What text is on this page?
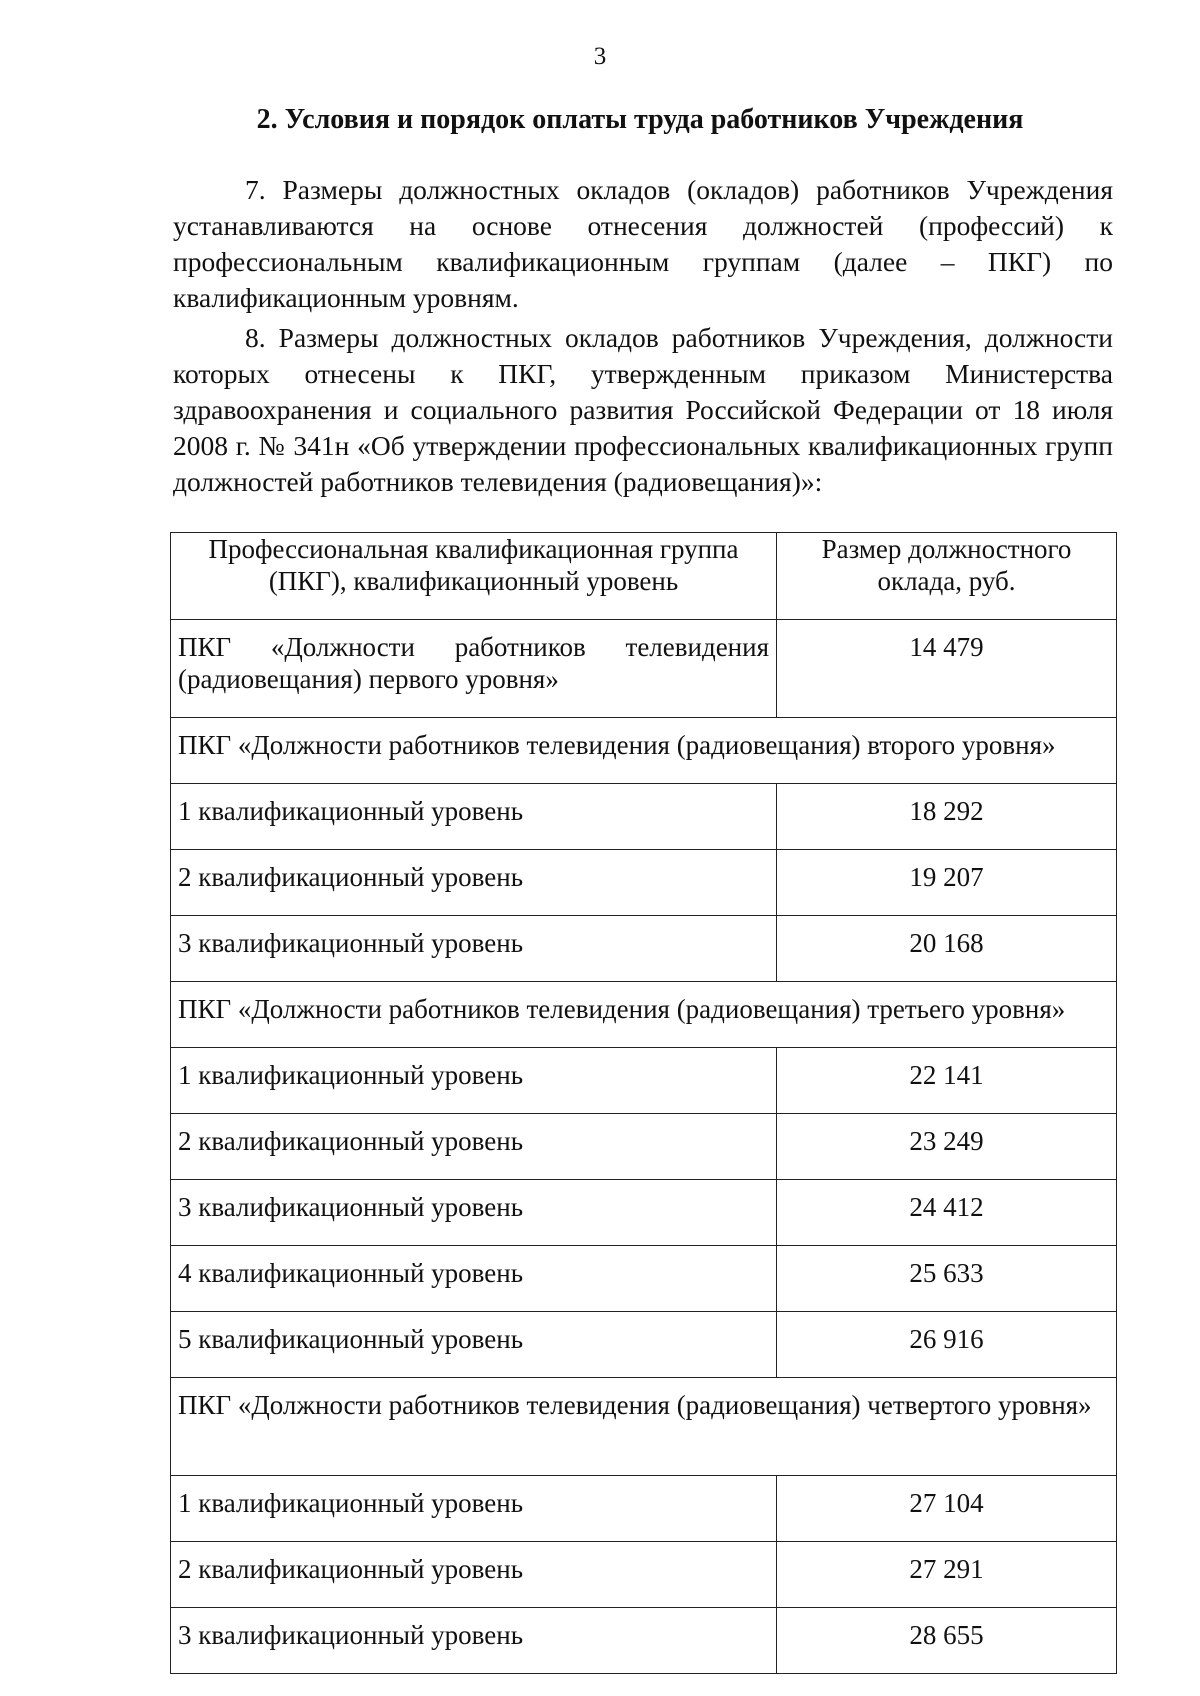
3
2. Условия и порядок оплаты труда работников Учреждения
7. Размеры должностных окладов (окладов) работников Учреждения устанавливаются на основе отнесения должностей (профессий) к профессиональным квалификационным группам (далее – ПКГ) по квалификационным уровням.
8. Размеры должностных окладов работников Учреждения, должности которых отнесены к ПКГ, утвержденным приказом Министерства здравоохранения и социального развития Российской Федерации от 18 июля 2008 г. № 341н «Об утверждении профессиональных квалификационных групп должностей работников телевидения (радиовещания)»:
Профессиональная квалификационная группа (ПКГ), квалификационный уровень	Размер должностного оклада, руб.
ПКГ «Должности работников телевидения (радиовещания) первого уровня»	14 479
ПКГ «Должности работников телевидения (радиовещания) второго уровня»	
1 квалификационный уровень	18 292
2 квалификационный уровень	19 207
3 квалификационный уровень	20 168
ПКГ «Должности работников телевидения (радиовещания) третьего уровня»	
1 квалификационный уровень	22 141
2 квалификационный уровень	23 249
3 квалификационный уровень	24 412
4 квалификационный уровень	25 633
5 квалификационный уровень	26 916
ПКГ «Должности работников телевидения (радиовещания) четвертого уровня»	
1 квалификационный уровень	27 104
2 квалификационный уровень	27 291
3 квалификационный уровень	28 655
